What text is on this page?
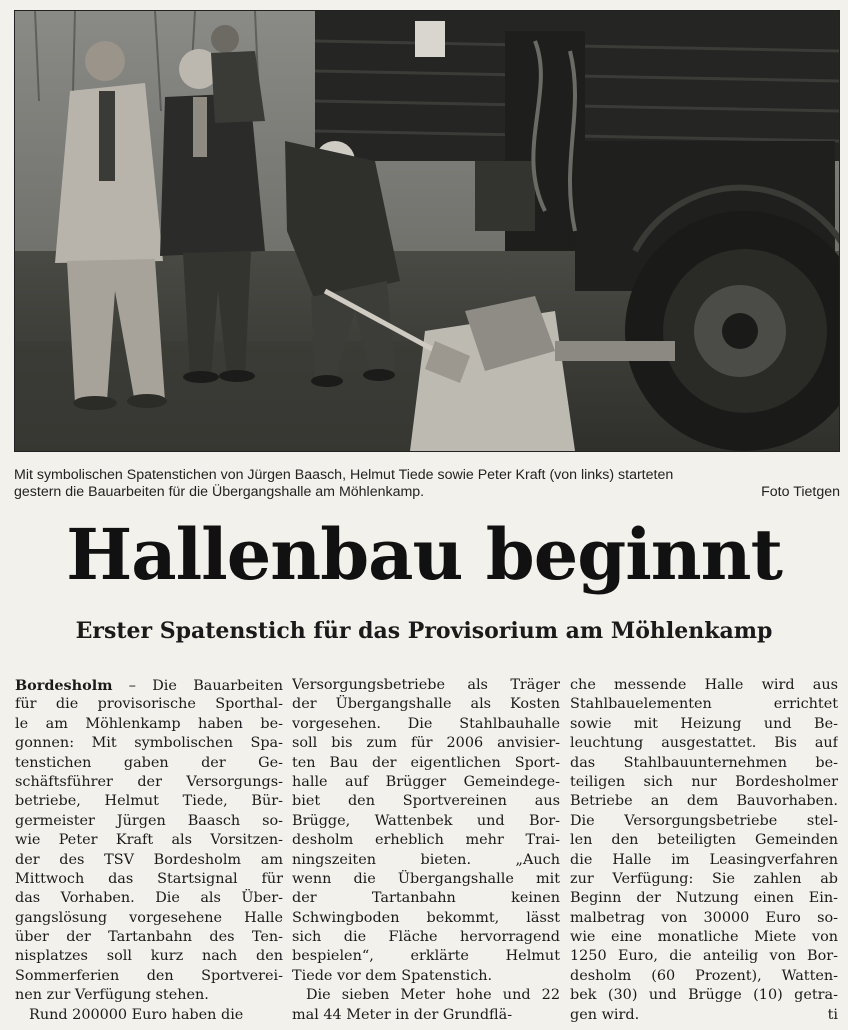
Mit symbolischen Spatenstichen von Jürgen Baasch, Helmut Tiede sowie Peter Kraft (von links) starteten
gestern die Bauarbeiten für die Übergangshalle am Möhlenkamp.	Foto Tietgen
Hallenbau beginnt
Erster Spatenstich für das Provisorium am Möhlenkamp
Bordesholm – Die Bauarbeiten
für die provisorische Sporthal-
le am Möhlenkamp haben be-
gonnen: Mit symbolischen Spa-
tenstichen gaben der Ge-
schäftsführer der Versorgungs-
betriebe, Helmut Tiede, Bür-
germeister Jürgen Baasch so-
wie Peter Kraft als Vorsitzen-
der des TSV Bordesholm am
Mittwoch das Startsignal für
das Vorhaben. Die als Über-
gangslösung vorgesehene Halle
über der Tartanbahn des Ten-
nisplatzes soll kurz nach den
Sommerferien den Sportverei-
nen zur Verfügung stehen.
Rund 200000 Euro haben die
Versorgungsbetriebe als Träger
der Übergangshalle als Kosten
vorgesehen. Die Stahlbauhalle
soll bis zum für 2006 anvisier-
ten Bau der eigentlichen Sport-
halle auf Brügger Gemeindege-
biet den Sportvereinen aus
Brügge, Wattenbek und Bor-
desholm erheblich mehr Trai-
ningszeiten bieten. „Auch
wenn die Übergangshalle mit
der Tartanbahn keinen
Schwingboden bekommt, lässt
sich die Fläche hervorragend
bespielen“, erklärte Helmut
Tiede vor dem Spatenstich.
Die sieben Meter hohe und 22
mal 44 Meter in der Grundflä-
che messende Halle wird aus
Stahlbauelementen errichtet
sowie mit Heizung und Be-
leuchtung ausgestattet. Bis auf
das Stahlbauunternehmen be-
teiligen sich nur Bordesholmer
Betriebe an dem Bauvorhaben.
Die Versorgungsbetriebe stel-
len den beteiligten Gemeinden
die Halle im Leasingverfahren
zur Verfügung: Sie zahlen ab
Beginn der Nutzung einen Ein-
malbetrag von 30000 Euro so-
wie eine monatliche Miete von
1250 Euro, die anteilig von Bor-
desholm (60 Prozent), Watten-
bek (30) und Brügge (10) getra-
gen wird.	ti
